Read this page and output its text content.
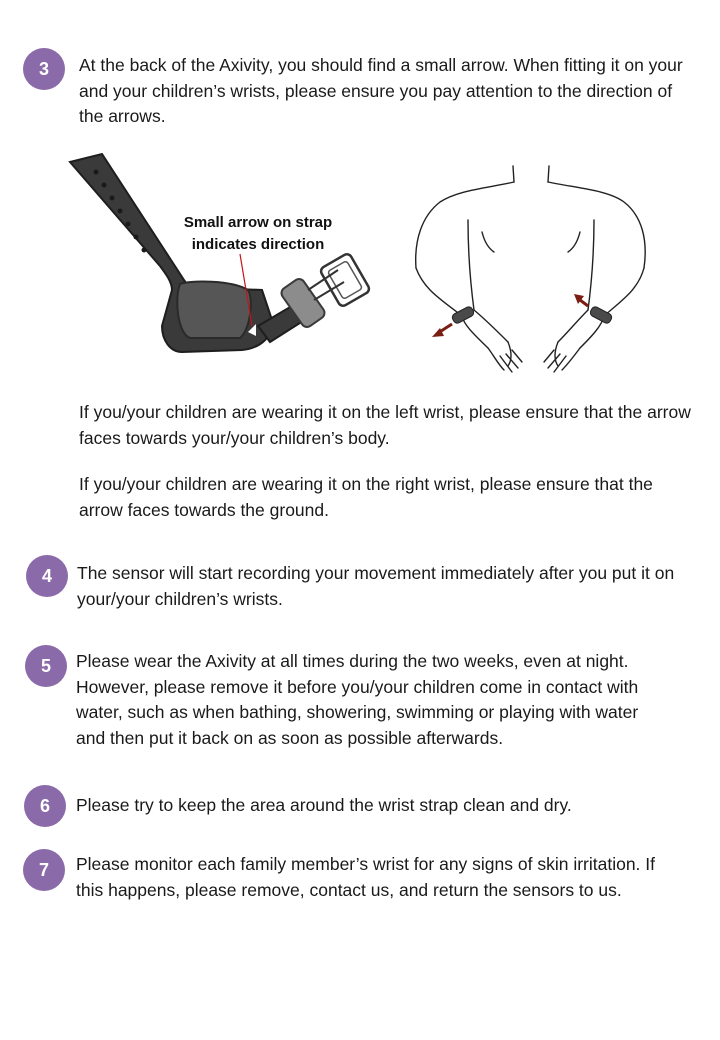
3	At the back of the Axivity, you should find a small arrow. When fitting it on your and your children’s wrists, please ensure you pay attention to the direction of the arrows.
Small arrow on strap
indicates direction
If you/your children are wearing it on the left wrist, please ensure that the arrow faces towards your/your children’s body.
If you/your children are wearing it on the right wrist, please ensure that the arrow faces towards the ground.
4	The sensor will start recording your movement immediately after you put it on your/your children’s wrists.
5	Please wear the Axivity at all times during the two weeks, even at night. However, please remove it before you/your children come in contact with water, such as when bathing, showering, swimming or playing with water and then put it back on as soon as possible afterwards.
6	Please try to keep the area around the wrist strap clean and dry.
7	Please monitor each family member’s wrist for any signs of skin irritation. If this happens, please remove, contact us, and return the sensors to us.
